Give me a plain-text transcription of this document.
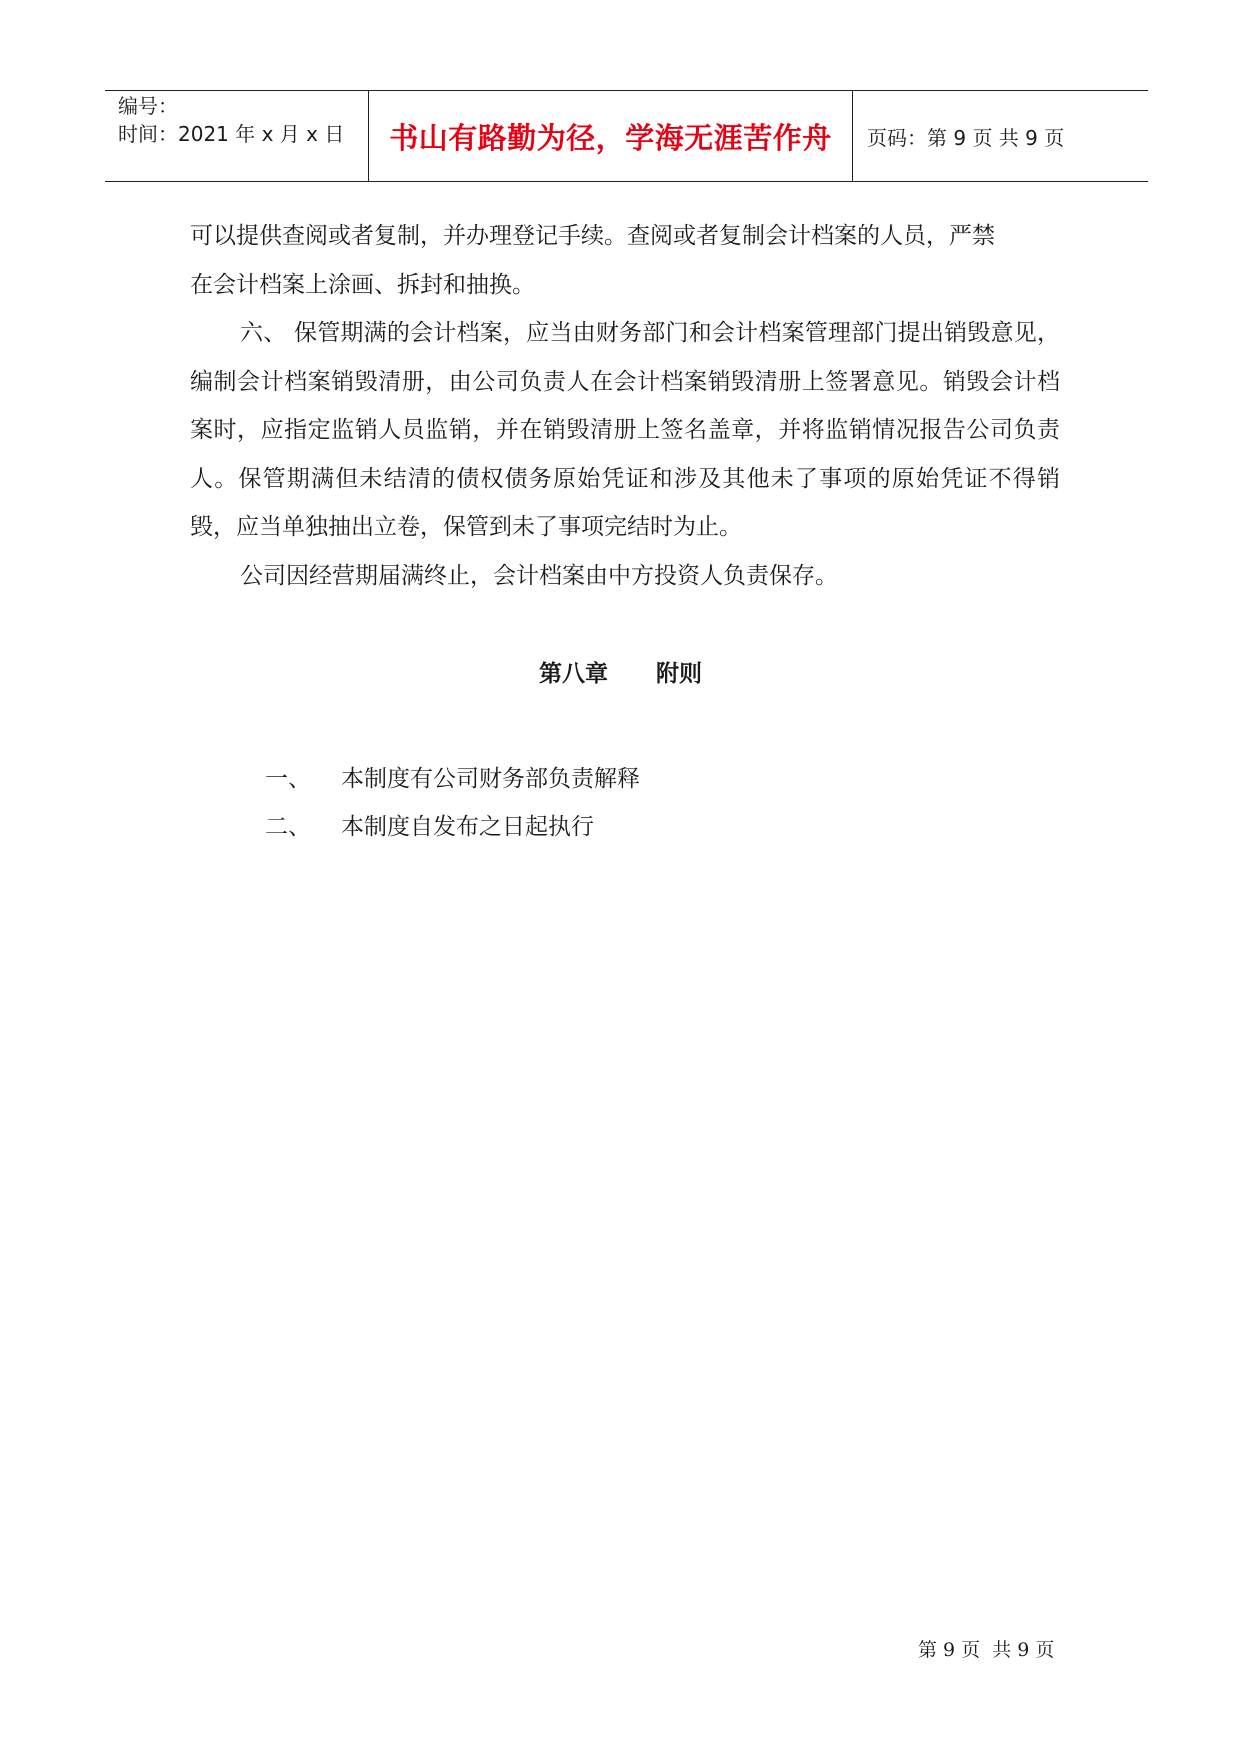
编号：
时间：2021 年 x 月 x 日 书山有路勤为径，学海无涯苦作舟 页码：第 9 页 共 9 页

可以提供查阅或者复制，并办理登记手续。查阅或者复制会计档案的人员，严禁

在会计档案上涂画、拆封和抽换。

六、 保管期满的会计档案，应当由财务部门和会计档案管理部门提出销毁意见，编制会计档案销毁清册，由公司负责人在会计档案销毁清册上签署意见。销毁会计档案时，应指定监销人员监销，并在销毁清册上签名盖章，并将监销情况报告公司负责人。保管期满但未结清的债权债务原始凭证和涉及其他未了事项的原始凭证不得销毁，应当单独抽出立卷，保管到未了事项完结时为止。

公司因经营期届满终止，会计档案由中方投资人负责保存。

第八章      附则
一、 本制度有公司财务部负责解释
二、 本制度自发布之日起执行
第 9 页  共 9 页
